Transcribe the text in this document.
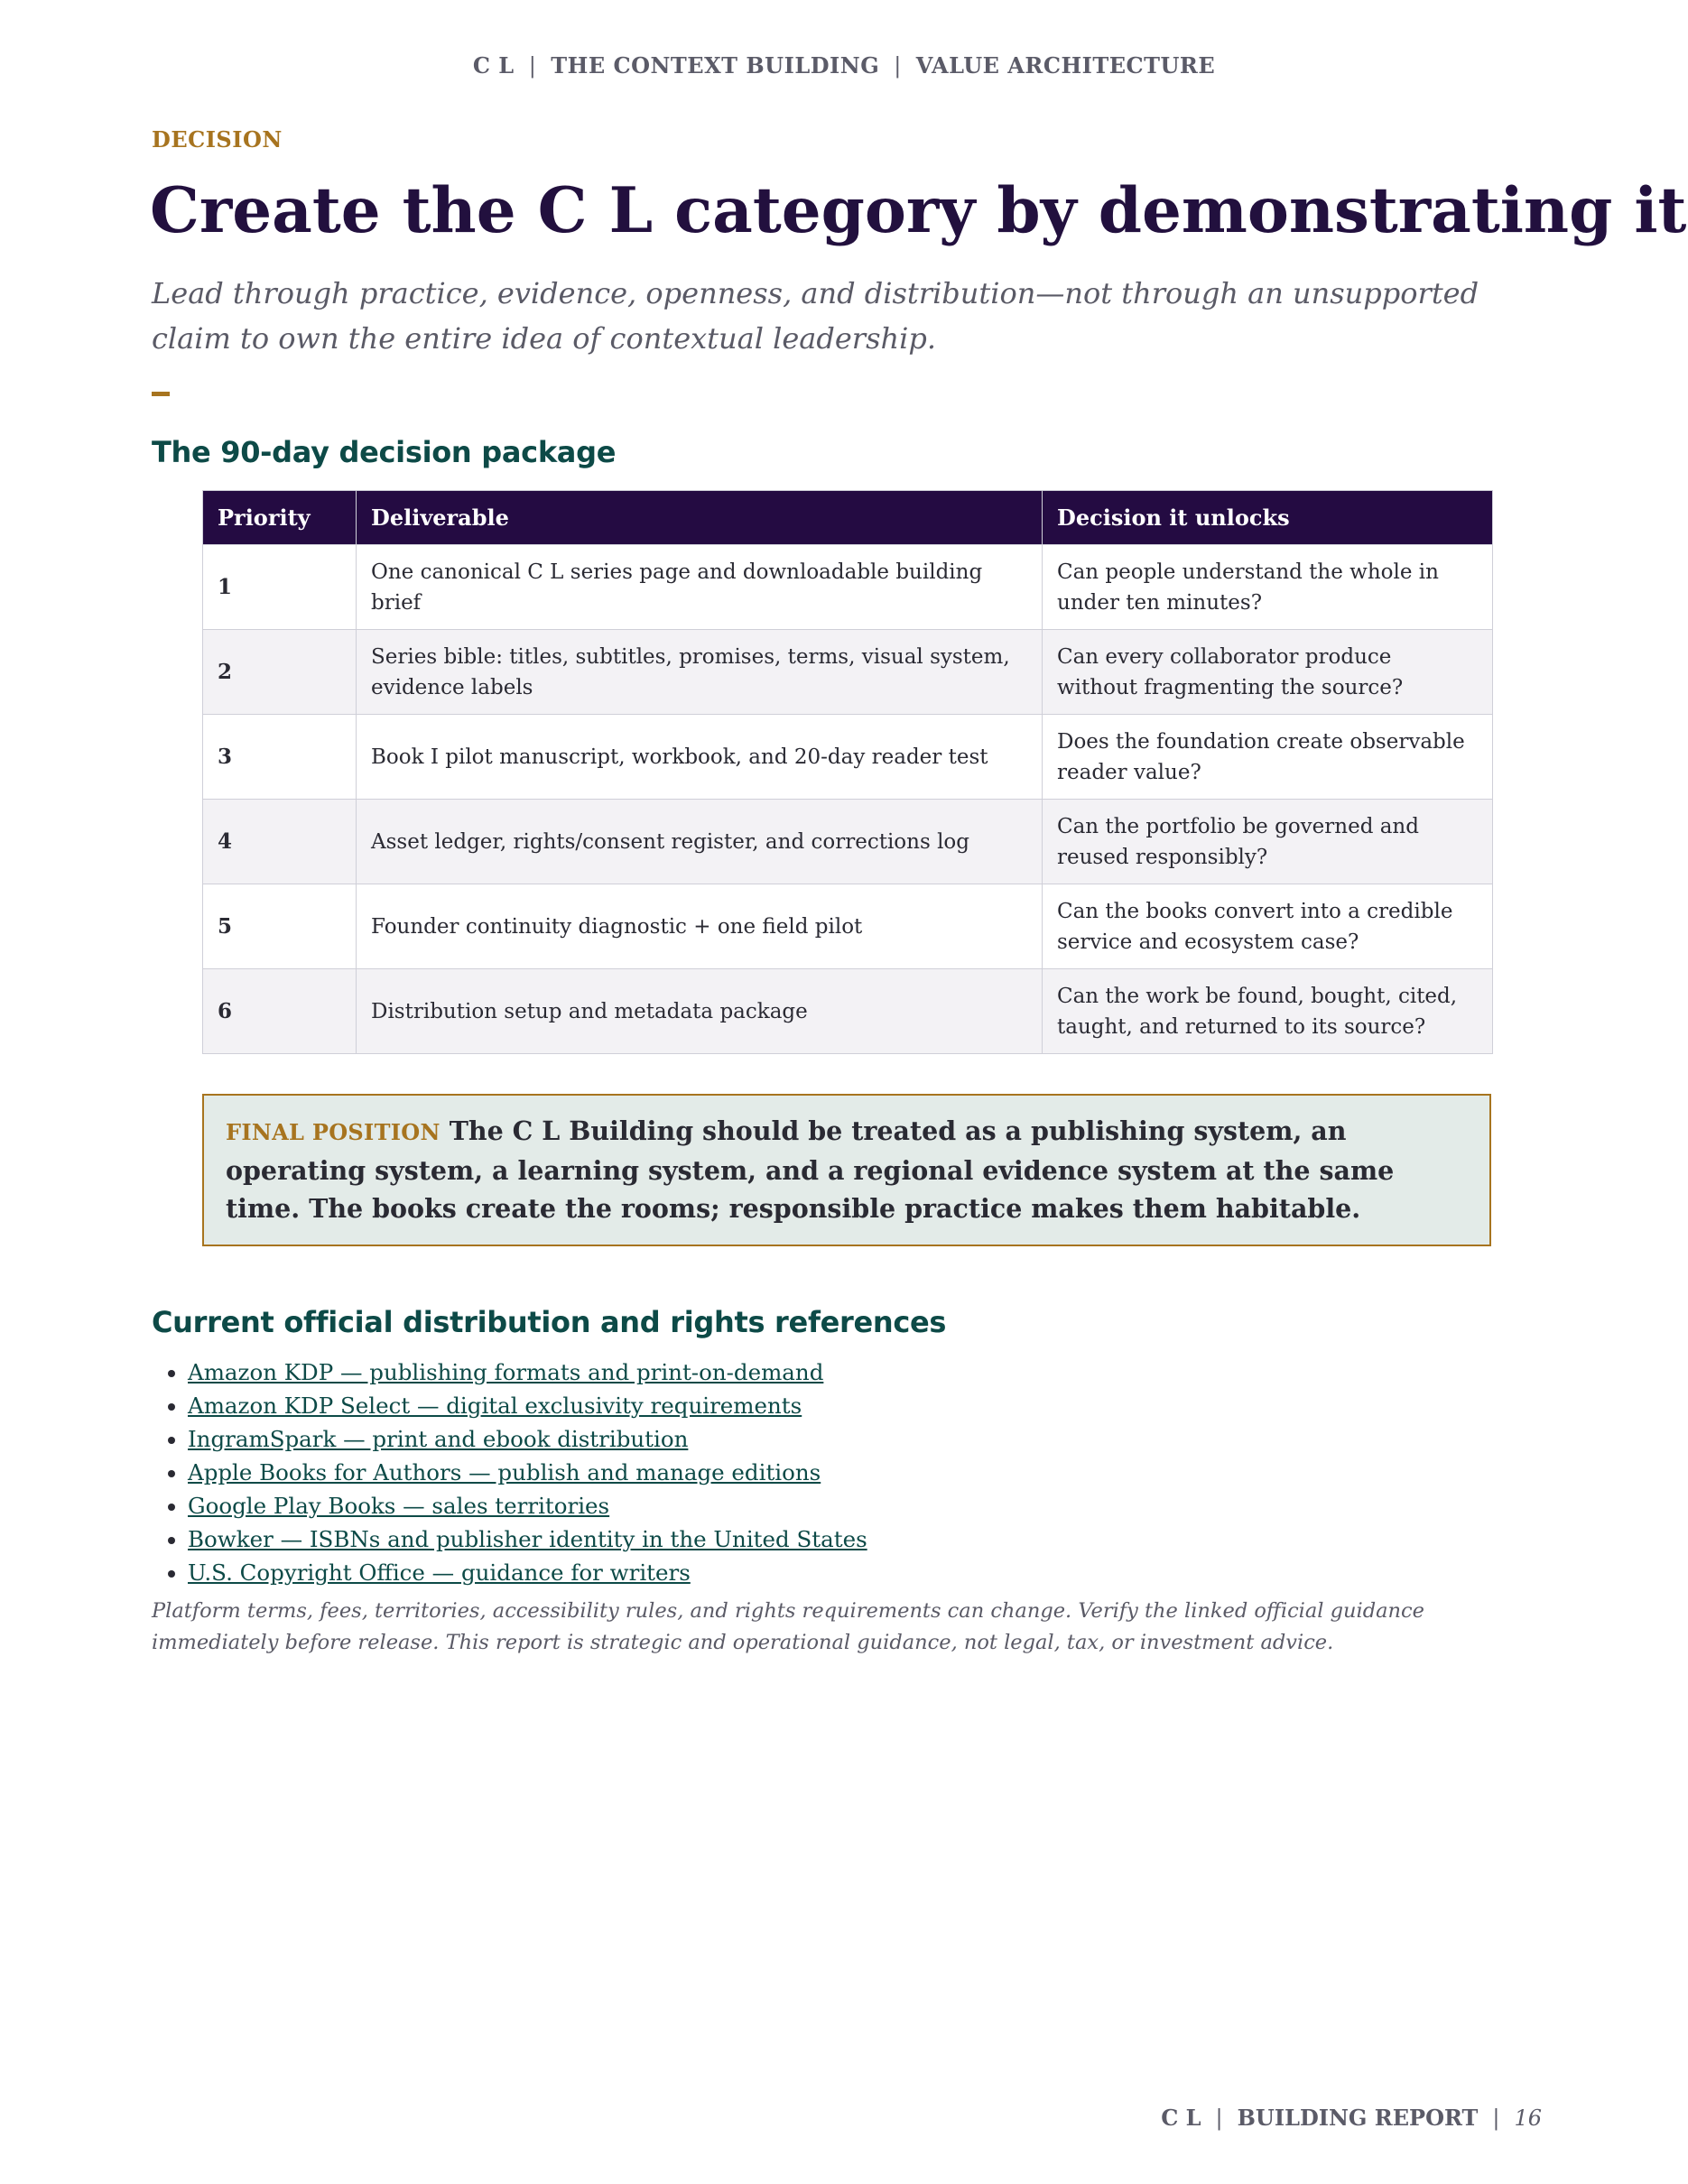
C L | THE CONTEXT BUILDING | VALUE ARCHITECTURE
DECISION
Create the C L category by demonstrating it

Lead through practice, evidence, openness, and distribution—not through an unsupported claim to own the entire idea of contextual leadership.

The 90-day decision package
Priority	Deliverable	Decision it unlocks
1	One canonical C L series page and downloadable building brief	Can people understand the whole in under ten minutes?
2	Series bible: titles, subtitles, promises, terms, visual system, evidence labels	Can every collaborator produce without fragmenting the source?
3	Book I pilot manuscript, workbook, and 20-day reader test	Does the foundation create observable reader value?
4	Asset ledger, rights/consent register, and corrections log	Can the portfolio be governed and reused responsibly?
5	Founder continuity diagnostic + one field pilot	Can the books convert into a credible service and ecosystem case?
6	Distribution setup and metadata package	Can the work be found, bought, cited, taught, and returned to its source?
FINAL POSITION The C L Building should be treated as a publishing system, an operating system, a learning system, and a regional evidence system at the same time. The books create the rooms; responsible practice makes them habitable.
Current official distribution and rights references
• Amazon KDP — publishing formats and print-on-demand
• Amazon KDP Select — digital exclusivity requirements
• IngramSpark — print and ebook distribution
• Apple Books for Authors — publish and manage editions
• Google Play Books — sales territories
• Bowker — ISBNs and publisher identity in the United States
• U.S. Copyright Office — guidance for writers

Platform terms, fees, territories, accessibility rules, and rights requirements can change. Verify the linked official guidance immediately before release. This report is strategic and operational guidance, not legal, tax, or investment advice.

C L | BUILDING REPORT | 16
